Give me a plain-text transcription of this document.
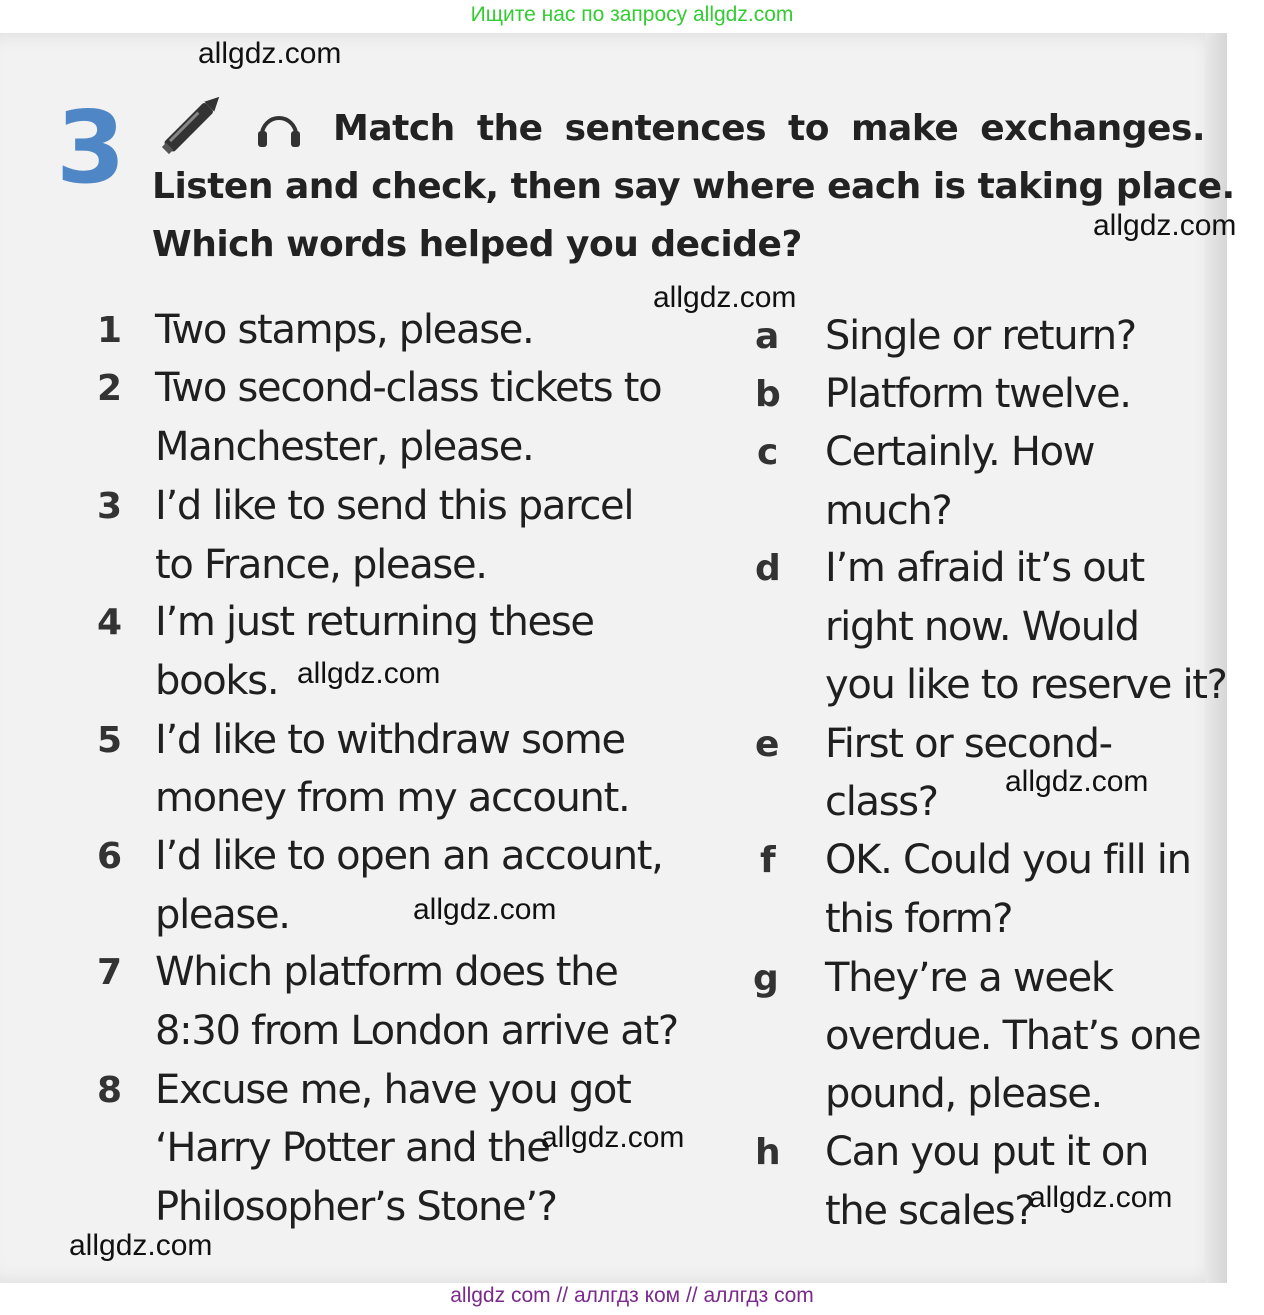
Ищите нас по запросу allgdz.com
3	Match the sentences to make exchanges.
Listen and check, then say where each is taking place.
Which words helped you decide?
1 Two stamps, please.
2 Two second-class tickets to
Manchester, please.
3 I’d like to send this parcel
to France, please.
4 I’m just returning these
books.
5 I’d like to withdraw some
money from my account.
6 I’d like to open an account,
please.
7 Which platform does the
8:30 from London arrive at?
8 Excuse me, have you got
‘Harry Potter and the
Philosopher’s Stone’?
a Single or return?
b Platform twelve.
c Certainly. How
much?
d I’m afraid it’s out
right now. Would
you like to reserve it?
e First or second-
class?
f OK. Could you fill in
this form?
g They’re a week
overdue. That’s one
pound, please.
h Can you put it on
the scales?
allgdz.com
allgdz.com
allgdz.com
allgdz.com
allgdz.com
allgdz.com
allgdz.com
allgdz.com
allgdz.com
allgdz com // аллгдз ком // аллгдз com
